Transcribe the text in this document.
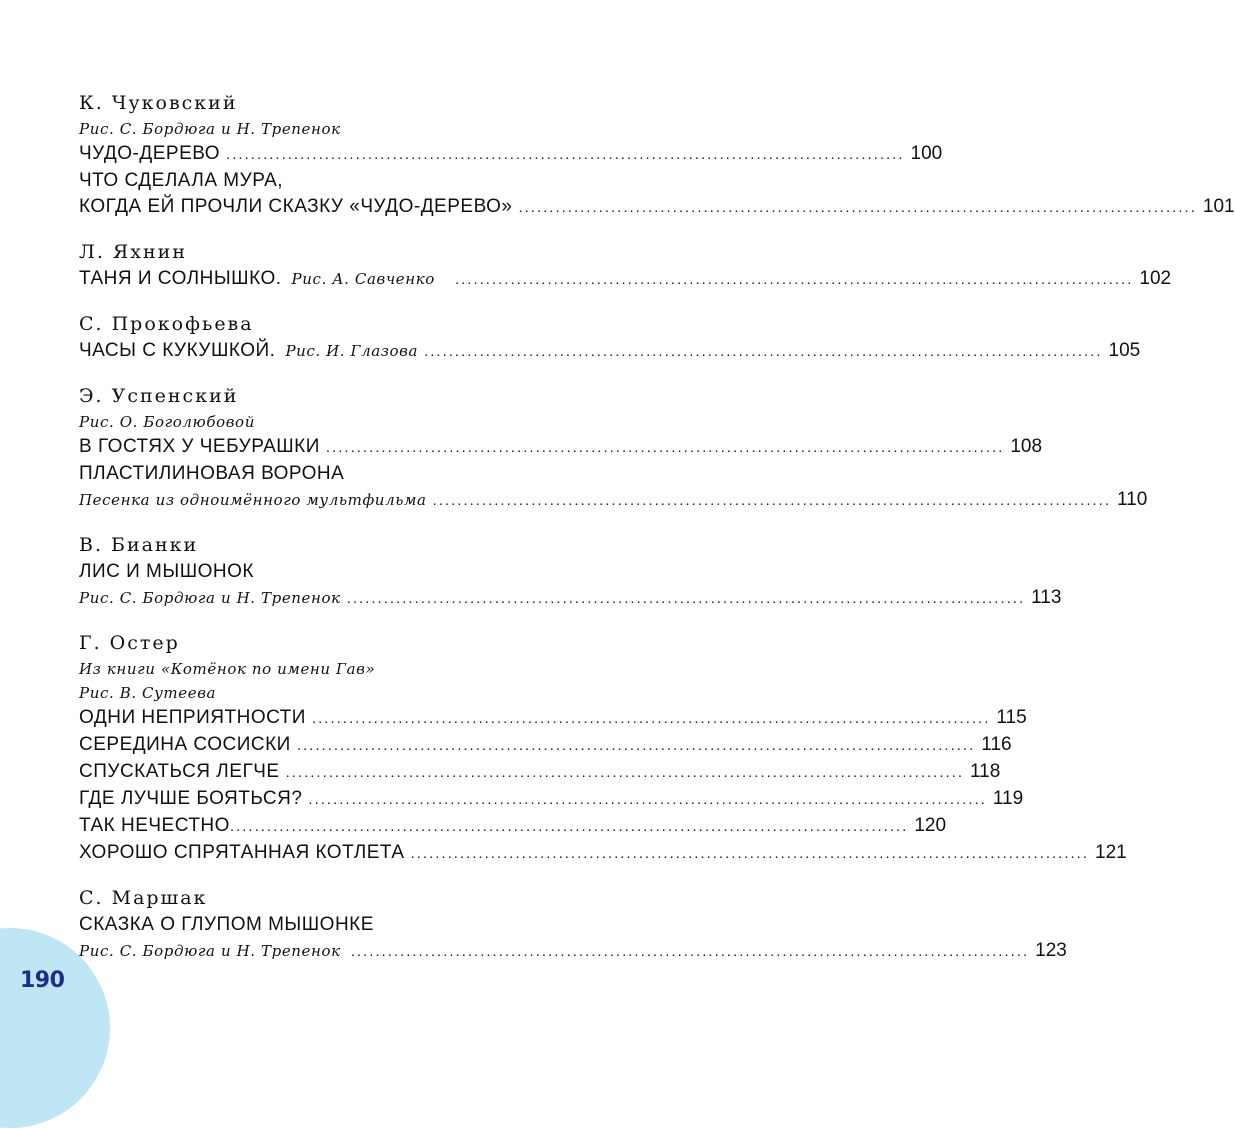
190
К. Чуковский
Рис. С. Бордюга и Н. Трепенок
ЧУДО-ДЕРЕВО .............................................................................................................. 100
ЧТО СДЕЛАЛА МУРА,
КОГДА ЕЙ ПРОЧЛИ СКАЗКУ «ЧУДО-ДЕРЕВО» .............................................................................................................. 101
Л. Яхнин
ТАНЯ И СОЛНЫШКО. Рис. А. Савченко .............................................................................................................. 102
С. Прокофьева
ЧАСЫ С КУКУШКОЙ. Рис. И. Глазова .............................................................................................................. 105
Э. Успенский
Рис. О. Боголюбовой
В ГОСТЯХ У ЧЕБУРАШКИ .............................................................................................................. 108
ПЛАСТИЛИНОВАЯ ВОРОНА
Песенка из одноимённого мультфильма .............................................................................................................. 110
В. Бианки
ЛИС И МЫШОНОК
Рис. С. Бордюга и Н. Трепенок .............................................................................................................. 113
Г. Остер
Из книги «Котёнок по имени Гав»
Рис. В. Сутеева
ОДНИ НЕПРИЯТНОСТИ .............................................................................................................. 115
СЕРЕДИНА СОСИСКИ .............................................................................................................. 116
СПУСКАТЬСЯ ЛЕГЧЕ .............................................................................................................. 118
ГДЕ ЛУЧШЕ БОЯТЬСЯ? .............................................................................................................. 119
ТАК НЕЧЕСТНО .............................................................................................................. 120
ХОРОШО СПРЯТАННАЯ КОТЛЕТА .............................................................................................................. 121
С. Маршак
СКАЗКА О ГЛУПОМ МЫШОНКЕ
Рис. С. Бордюга и Н. Трепенок .............................................................................................................. 123
